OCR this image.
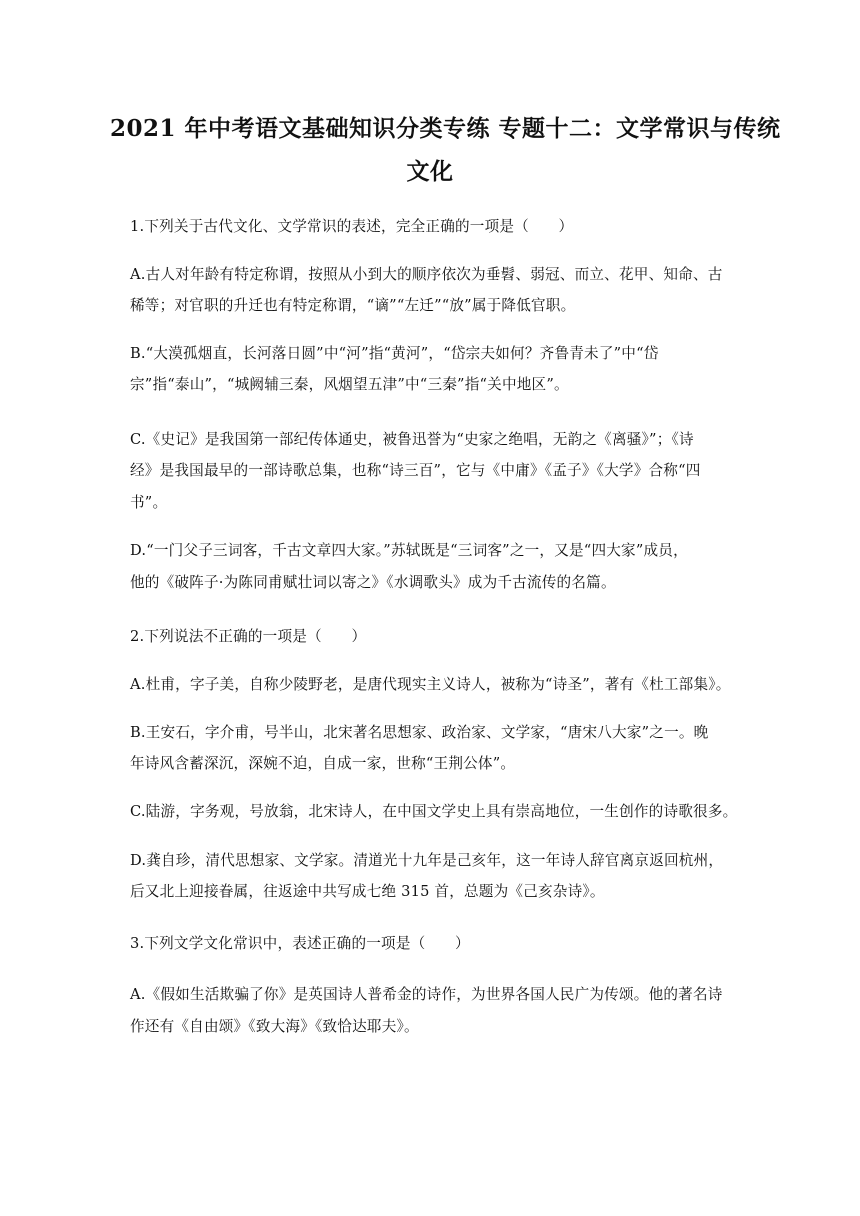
2021 年中考语文基础知识分类专练 专题十二：文学常识与传统
文化

1.下列关于古代文化、文学常识的表述，完全正确的一项是（　　）

A.古人对年龄有特定称谓，按照从小到大的顺序依次为垂髫、弱冠、而立、花甲、知命、古

稀等；对官职的升迁也有特定称谓，“谪”“左迁”“放”属于降低官职。

B.“大漠孤烟直，长河落日圆”中“河”指“黄河”，“岱宗夫如何？齐鲁青未了”中“岱

宗”指“泰山”，“城阙辅三秦，风烟望五津”中“三秦”指“关中地区”。

C.《史记》是我国第一部纪传体通史，被鲁迅誉为“史家之绝唱，无韵之《离骚》”；《诗

经》是我国最早的一部诗歌总集，也称“诗三百”，它与《中庸》《孟子》《大学》合称“四

书”。

D.“一门父子三词客，千古文章四大家。”苏轼既是“三词客”之一，又是“四大家”成员，

他的《破阵子·为陈同甫赋壮词以寄之》《水调歌头》成为千古流传的名篇。

2.下列说法不正确的一项是（　　）

A.杜甫，字子美，自称少陵野老，是唐代现实主义诗人，被称为“诗圣”，著有《杜工部集》。

B.王安石，字介甫，号半山，北宋著名思想家、政治家、文学家，“唐宋八大家”之一。晚

年诗风含蓄深沉，深婉不迫，自成一家，世称“王荆公体”。

C.陆游，字务观，号放翁，北宋诗人，在中国文学史上具有崇高地位，一生创作的诗歌很多。

D.龚自珍，清代思想家、文学家。清道光十九年是己亥年，这一年诗人辞官离京返回杭州，

后又北上迎接眷属，往返途中共写成七绝 315 首，总题为《己亥杂诗》。

3.下列文学文化常识中，表述正确的一项是（　　）

A.《假如生活欺骗了你》是英国诗人普希金的诗作，为世界各国人民广为传颂。他的著名诗

作还有《自由颂》《致大海》《致恰达耶夫》。
